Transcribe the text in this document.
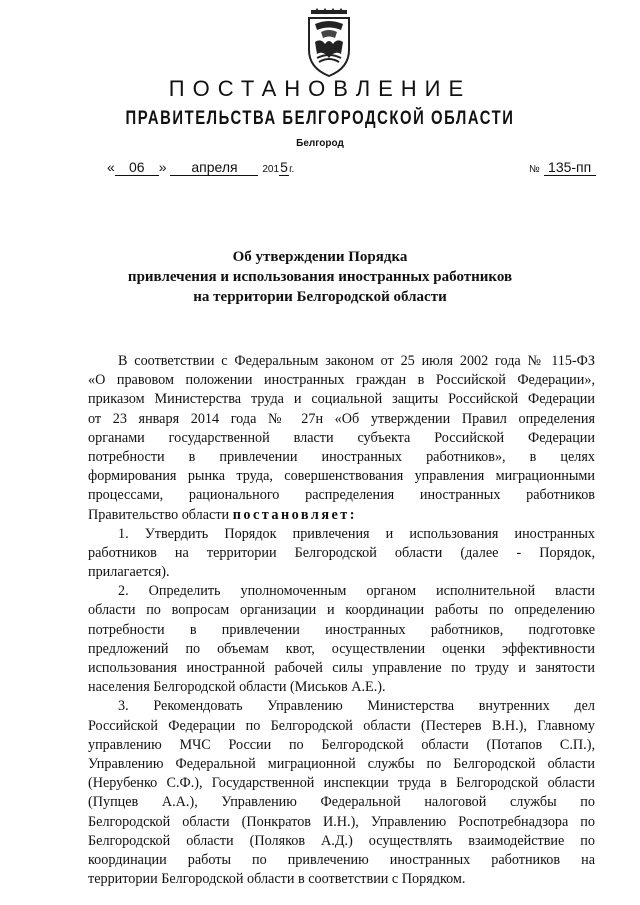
ПОСТАНОВЛЕНИЕ
ПРАВИТЕЛЬСТВА БЕЛГОРОДСКОЙ ОБЛАСТИ
Белгород
« 06 » апреля 2015г.	№ 135-пп
Об утверждении Порядка
привлечения и использования иностранных работников
на территории Белгородской области
В соответствии с Федеральным законом от 25 июля 2002 года № 115-ФЗ
«О правовом положении иностранных граждан в Российской Федерации»,
приказом Министерства труда и социальной защиты Российской Федерации
от 23 января 2014 года № 27н «Об утверждении Правил определения
органами государственной власти субъекта Российской Федерации
потребности в привлечении иностранных работников», в целях
формирования рынка труда, совершенствования управления миграционными
процессами, рационального распределения иностранных работников
Правительство области постановляет:
1. Утвердить Порядок привлечения и использования иностранных
работников на территории Белгородской области (далее - Порядок,
прилагается).
2. Определить уполномоченным органом исполнительной власти
области по вопросам организации и координации работы по определению
потребности в привлечении иностранных работников, подготовке
предложений по объемам квот, осуществлении оценки эффективности
использования иностранной рабочей силы управление по труду и занятости
населения Белгородской области (Миськов А.Е.).
3. Рекомендовать Управлению Министерства внутренних дел
Российской Федерации по Белгородской области (Пестерев В.Н.), Главному
управлению МЧС России по Белгородской области (Потапов С.П.),
Управлению Федеральной миграционной службы по Белгородской области
(Нерубенко С.Ф.), Государственной инспекции труда в Белгородской области
(Пупцев А.А.), Управлению Федеральной налоговой службы по
Белгородской области (Понкратов И.Н.), Управлению Роспотребнадзора по
Белгородской области (Поляков А.Д.) осуществлять взаимодействие по
координации работы по привлечению иностранных работников на
территории Белгородской области в соответствии с Порядком.
